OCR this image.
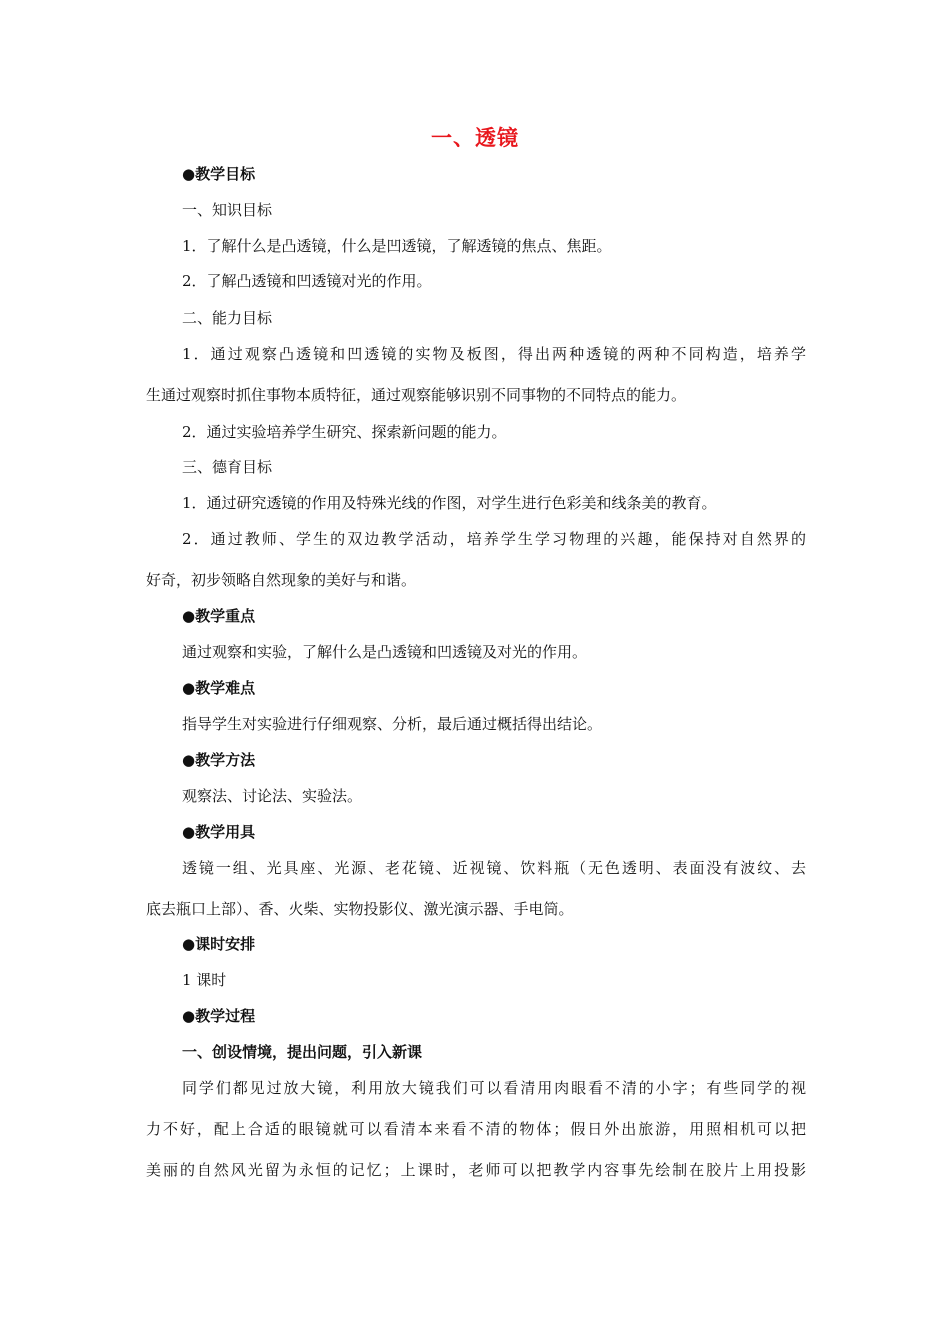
一、透镜
●教学目标
一、知识目标
1．了解什么是凸透镜，什么是凹透镜，了解透镜的焦点、焦距。
2．了解凸透镜和凹透镜对光的作用。
二、能力目标
1．通过观察凸透镜和凹透镜的实物及板图，得出两种透镜的两种不同构造，培养学
生通过观察时抓住事物本质特征，通过观察能够识别不同事物的不同特点的能力。
2．通过实验培养学生研究、探索新问题的能力。
三、德育目标
1．通过研究透镜的作用及特殊光线的作图，对学生进行色彩美和线条美的教育。
2．通过教师、学生的双边教学活动，培养学生学习物理的兴趣，能保持对自然界的
好奇，初步领略自然现象的美好与和谐。
●教学重点
通过观察和实验，了解什么是凸透镜和凹透镜及对光的作用。
●教学难点
指导学生对实验进行仔细观察、分析，最后通过概括得出结论。
●教学方法
观察法、讨论法、实验法。
●教学用具
透镜一组、光具座、光源、老花镜、近视镜、饮料瓶（无色透明、表面没有波纹、去
底去瓶口上部）、香、火柴、实物投影仪、激光演示器、手电筒。
●课时安排
1 课时
●教学过程
一、创设情境，提出问题，引入新课
同学们都见过放大镜，利用放大镜我们可以看清用肉眼看不清的小字；有些同学的视
力不好，配上合适的眼镜就可以看清本来看不清的物体；假日外出旅游，用照相机可以把
美丽的自然风光留为永恒的记忆；上课时，老师可以把教学内容事先绘制在胶片上用投影
